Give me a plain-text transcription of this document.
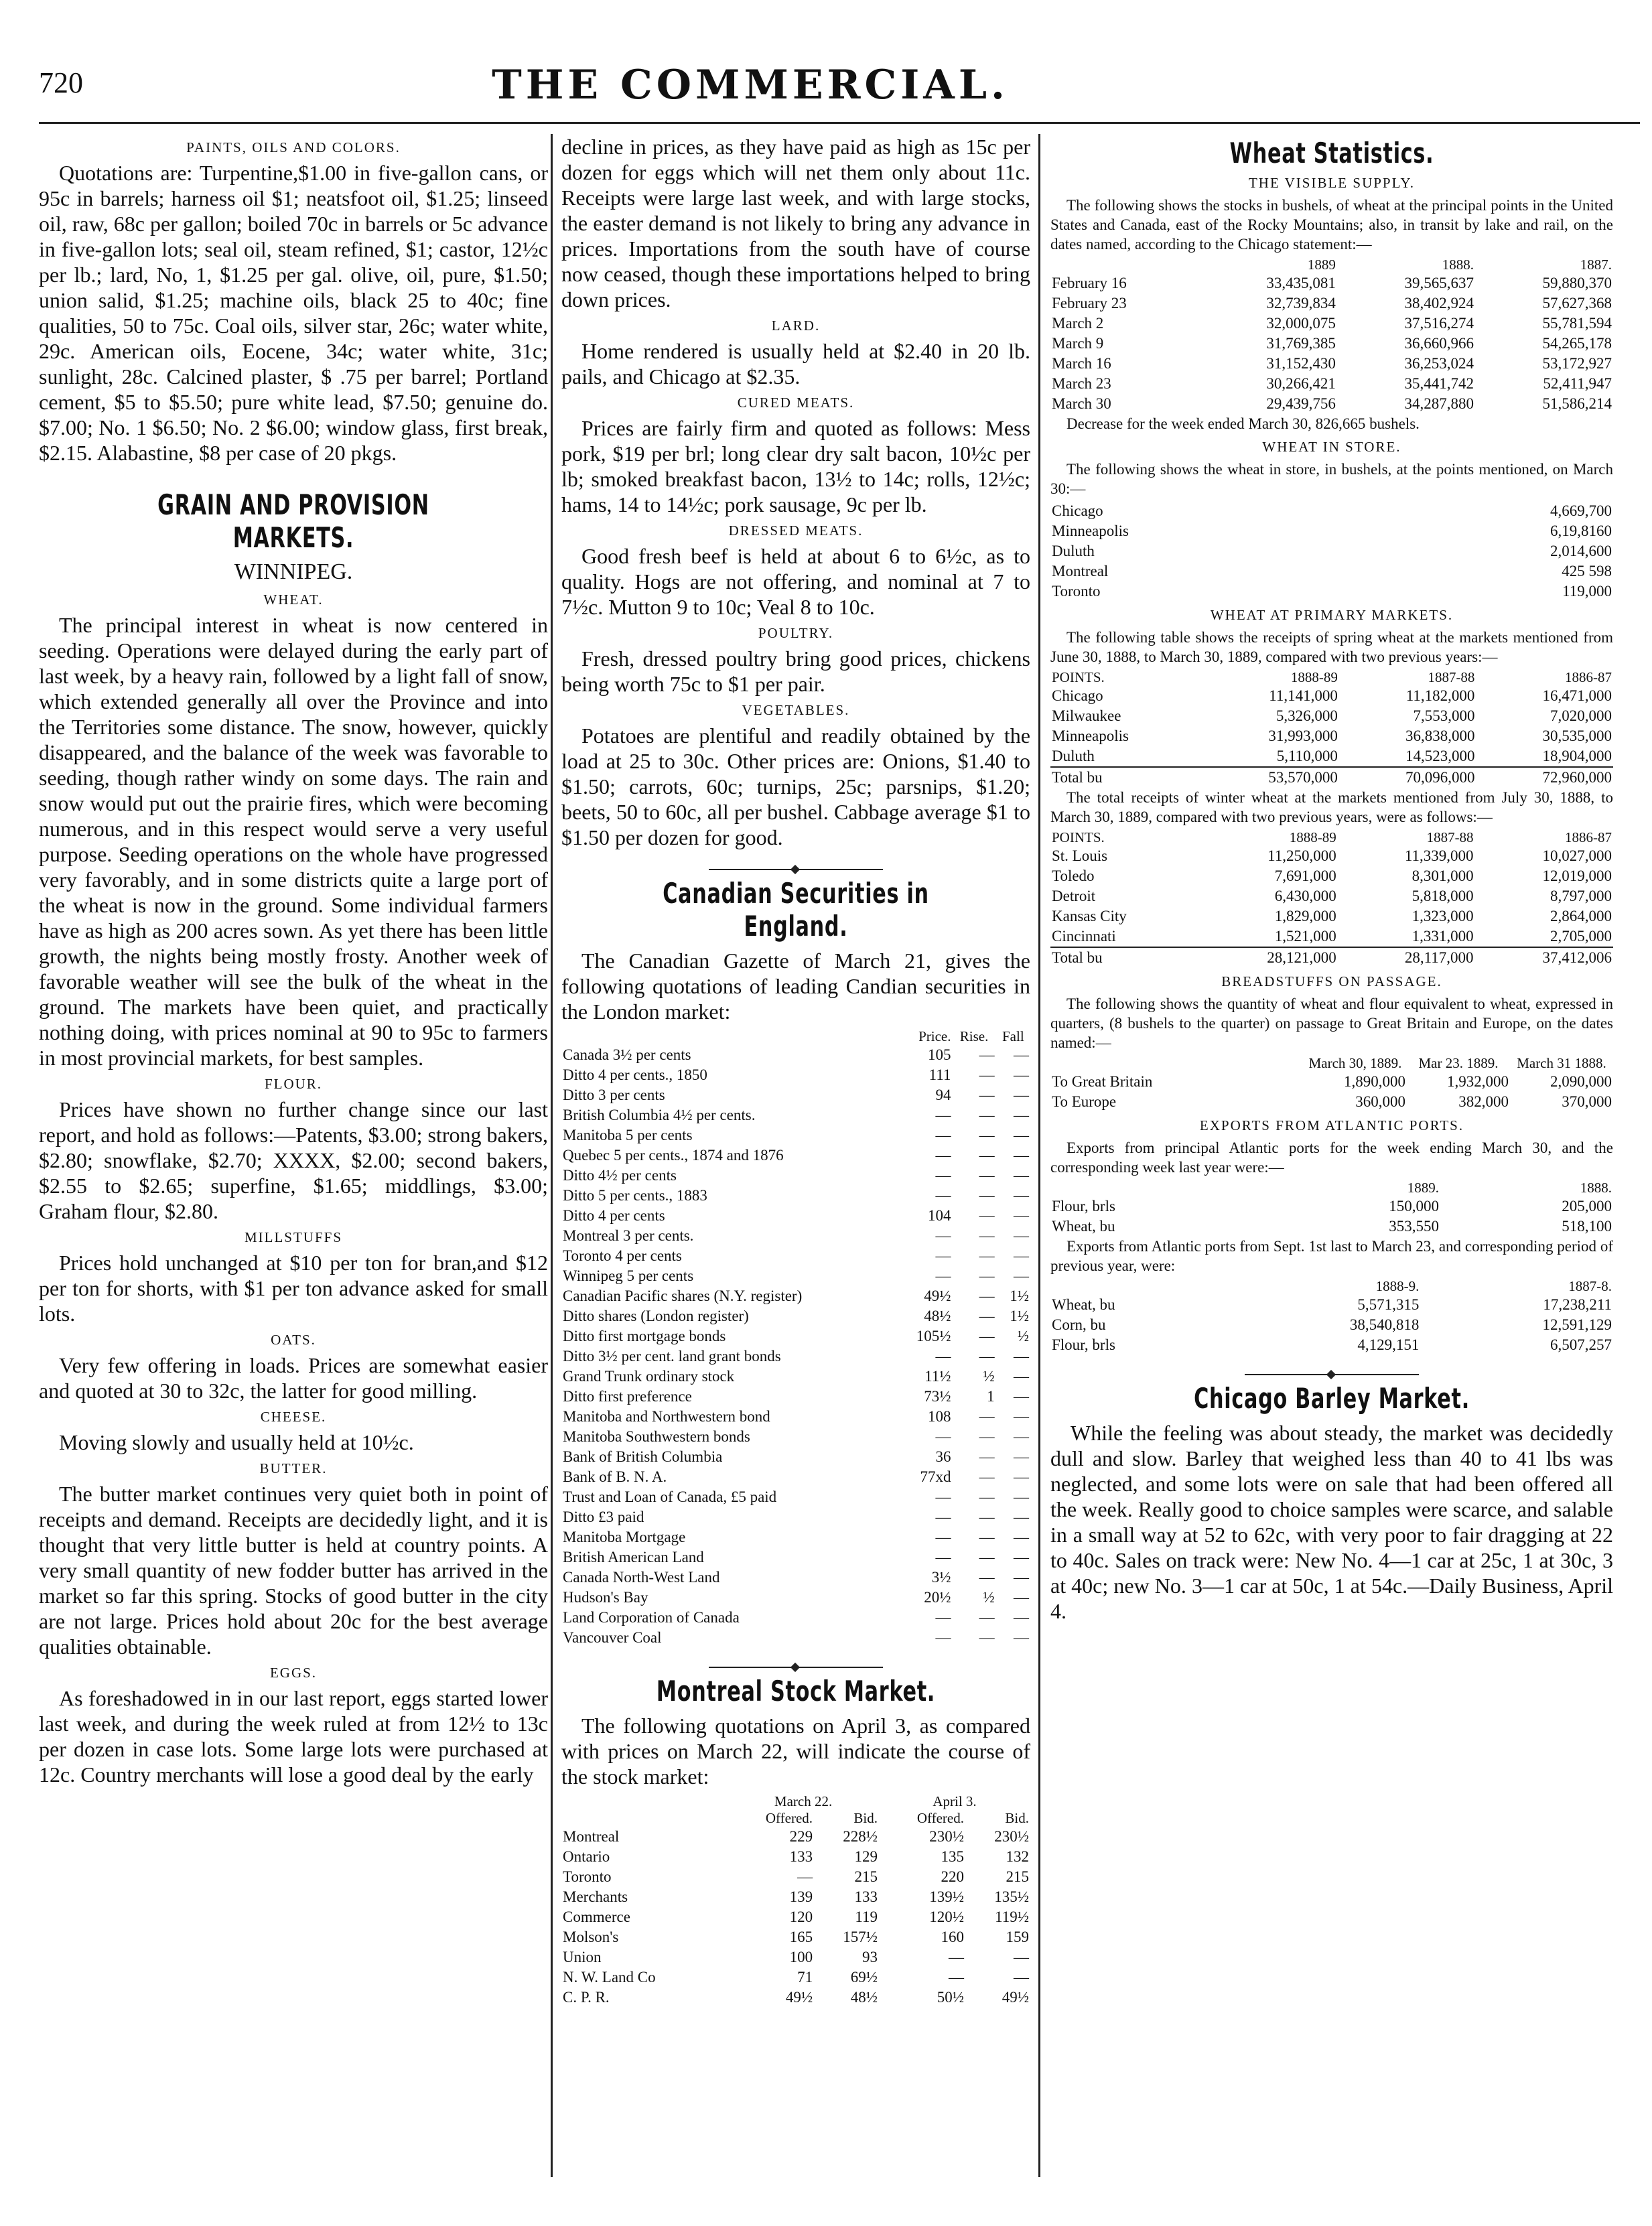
720	THE COMMERCIAL.
PAINTS, OILS AND COLORS.

Quotations are: Turpentine,$1.00 in five-gallon cans, or 95c in barrels; harness oil $1; neatsfoot oil, $1.25; linseed oil, raw, 68c per gallon; boiled 70c in barrels or 5c advance in five-gallon lots; seal oil, steam refined, $1; castor, 12½c per lb.; lard, No, 1, $1.25 per gal. olive, oil, pure, $1.50; union salid, $1.25; machine oils, black 25 to 40c; fine qualities, 50 to 75c. Coal oils, silver star, 26c; water white, 29c. American oils, Eocene, 34c; water white, 31c; sunlight, 28c. Calcined plaster, $ .75 per barrel; Portland cement, $5 to $5.50; pure white lead, $7.50; genuine do. $7.00; No. 1 $6.50; No. 2 $6.00; window glass, first break, $2.15. Alabastine, $8 per case of 20 pkgs.

GRAIN AND PROVISION MARKETS.
WINNIPEG.
WHEAT.

The principal interest in wheat is now centered in seeding. Operations were delayed during the early part of last week, by a heavy rain, followed by a light fall of snow, which extended generally all over the Province and into the Territories some distance. The snow, however, quickly disappeared, and the balance of the week was favorable to seeding, though rather windy on some days. The rain and snow would put out the prairie fires, which were becoming numerous, and in this respect would serve a very useful purpose. Seeding operations on the whole have progressed very favorably, and in some districts quite a large port of the wheat is now in the ground. Some individual farmers have as high as 200 acres sown. As yet there has been little growth, the nights being mostly frosty. Another week of favorable weather will see the bulk of the wheat in the ground. The markets have been quiet, and practically nothing doing, with prices nominal at 90 to 95c to farmers in most provincial markets, for best samples.

FLOUR.

Prices have shown no further change since our last report, and hold as follows:—Patents, $3.00; strong bakers, $2.80; snowflake, $2.70; XXXX, $2.00; second bakers, $2.55 to $2.65; superfine, $1.65; middlings, $3.00; Graham flour, $2.80.

MILLSTUFFS

Prices hold unchanged at $10 per ton for bran,and $12 per ton for shorts, with $1 per ton advance asked for small lots.

OATS.

Very few offering in loads. Prices are somewhat easier and quoted at 30 to 32c, the latter for good milling.

CHEESE.

Moving slowly and usually held at 10½c.

BUTTER.

The butter market continues very quiet both in point of receipts and demand. Receipts are decidedly light, and it is thought that very little butter is held at country points. A very small quantity of new fodder butter has arrived in the market so far this spring. Stocks of good butter in the city are not large. Prices hold about 20c for the best average qualities obtainable.

EGGS.

As foreshadowed in in our last report, eggs started lower last week, and during the week ruled at from 12½ to 13c per dozen in case lots. Some large lots were purchased at 12c. Country merchants will lose a good deal by the early

decline in prices, as they have paid as high as 15c per dozen for eggs which will net them only about 11c. Receipts were large last week, and with large stocks, the easter demand is not likely to bring any advance in prices. Importations from the south have of course now ceased, though these importations helped to bring down prices.

LARD.

Home rendered is usually held at $2.40 in 20 lb. pails, and Chicago at $2.35.

CURED MEATS.

Prices are fairly firm and quoted as follows: Mess pork, $19 per brl; long clear dry salt bacon, 10½c per lb; smoked breakfast bacon, 13½ to 14c; rolls, 12½c; hams, 14 to 14½c; pork sausage, 9c per lb.

DRESSED MEATS.

Good fresh beef is held at about 6 to 6½c, as to quality. Hogs are not offering, and nominal at 7 to 7½c. Mutton 9 to 10c; Veal 8 to 10c.

POULTRY.

Fresh, dressed poultry bring good prices, chickens being worth 75c to $1 per pair.

VEGETABLES.

Potatoes are plentiful and readily obtained by the load at 25 to 30c. Other prices are: Onions, $1.40 to $1.50; carrots, 60c; turnips, 25c; parsnips, $1.20; beets, 50 to 60c, all per bushel. Cabbage average $1 to $1.50 per dozen for good.

Canadian Securities in England.

The Canadian Gazette of March 21, gives the following quotations of leading Candian securities in the London market:

	Price.	Rise.	Fall
Canada 3½ per cents	105	—	—
Ditto 4 per cents., 1850	111	—	—
Ditto 3 per cents	94	—	—
British Columbia 4½ per cents.	—	—	—
Manitoba 5 per cents	—	—	—
Quebec 5 per cents., 1874 and 1876	—	—	—
Ditto 4½ per cents	—	—	—
Ditto 5 per cents., 1883	—	—	—
Ditto 4 per cents	104	—	—
Montreal 3 per cents.	—	—	—
Toronto 4 per cents	—	—	—
Winnipeg 5 per cents	—	—	—
Canadian Pacific shares (N.Y. register)	49½	—	1½
Ditto shares (London register)	48½	—	1½
Ditto first mortgage bonds	105½	—	½
Ditto 3½ per cent. land grant bonds	—	—	—
Grand Trunk ordinary stock	11½	½	—
Ditto first preference	73½	1	—
Manitoba and Northwestern bond	108	—	—
Manitoba Southwestern bonds	—	—	—
Bank of British Columbia	36	—	—
Bank of B. N. A.	77xd	—	—
Trust and Loan of Canada, £5 paid	—	—	—
Ditto £3 paid	—	—	—
Manitoba Mortgage	—	—	—
British American Land	—	—	—
Canada North-West Land	3½	—	—
Hudson's Bay	20½	½	—
Land Corporation of Canada	—	—	—
Vancouver Coal	—	—	—
Montreal Stock Market.

The following quotations on April 3, as compared with prices on March 22, will indicate the course of the stock market:

	March 22.		April 3.	
	Offered.	Bid.	Offered.	Bid.
Montreal	229	228½	230½	230½
Ontario	133	129	135	132
Toronto	—	215	220	215
Merchants	139	133	139½	135½
Commerce	120	119	120½	119½
Molson's	165	157½	160	159
Union	100	93	—	—
N. W. Land Co	71	69½	—	—
C. P. R.	49½	48½	50½	49½
Wheat Statistics.
THE VISIBLE SUPPLY.

The following shows the stocks in bushels, of wheat at the principal points in the United States and Canada, east of the Rocky Mountains; also, in transit by lake and rail, on the dates named, according to the Chicago statement:—

	1889	1888.	1887.
February 16	33,435,081	39,565,637	59,880,370
February 23	32,739,834	38,402,924	57,627,368
March 2	32,000,075	37,516,274	55,781,594
March 9	31,769,385	36,660,966	54,265,178
March 16	31,152,430	36,253,024	53,172,927
March 23	30,266,421	35,441,742	52,411,947
March 30	29,439,756	34,287,880	51,586,214

Decrease for the week ended March 30, 826,665 bushels.

WHEAT IN STORE.

The following shows the wheat in store, in bushels, at the points mentioned, on March 30:—

Chicago	4,669,700
Minneapolis	6,19,8160
Duluth	2,014,600
Montreal	425 598
Toronto	119,000
WHEAT AT PRIMARY MARKETS.

The following table shows the receipts of spring wheat at the markets mentioned from June 30, 1888, to March 30, 1889, compared with two previous years:—

POINTS.	1888-89	1887-88	1886-87
Chicago	11,141,000	11,182,000	16,471,000
Milwaukee	5,326,000	7,553,000	7,020,000
Minneapolis	31,993,000	36,838,000	30,535,000
Duluth	5,110,000	14,523,000	18,904,000
Total bu	53,570,000	70,096,000	72,960,000

The total receipts of winter wheat at the markets mentioned from July 30, 1888, to March 30, 1889, compared with two previous years, were as follows:—

POINTS.	1888-89	1887-88	1886-87
St. Louis	11,250,000	11,339,000	10,027,000
Toledo	7,691,000	8,301,000	12,019,000
Detroit	6,430,000	5,818,000	8,797,000
Kansas City	1,829,000	1,323,000	2,864,000
Cincinnati	1,521,000	1,331,000	2,705,000
Total bu	28,121,000	28,117,000	37,412,006
BREADSTUFFS ON PASSAGE.

The following shows the quantity of wheat and flour equivalent to wheat, expressed in quarters, (8 bushels to the quarter) on passage to Great Britain and Europe, on the dates named:—

	March 30, 1889.	Mar 23. 1889.	March 31 1888.
To Great Britain	1,890,000	1,932,000	2,090,000
To Europe	360,000	382,000	370,000
EXPORTS FROM ATLANTIC PORTS.

Exports from principal Atlantic ports for the week ending March 30, and the corresponding week last year were:—

	1889.	1888.
Flour, brls	150,000	205,000
Wheat, bu	353,550	518,100

Exports from Atlantic ports from Sept. 1st last to March 23, and corresponding period of previous year, were:

	1888-9.	1887-8.
Wheat, bu	5,571,315	17,238,211
Corn, bu	38,540,818	12,591,129
Flour, brls	4,129,151	6,507,257
Chicago Barley Market.

While the feeling was about steady, the market was decidedly dull and slow. Barley that weighed less than 40 to 41 lbs was neglected, and some lots were on sale that had been offered all the week. Really good to choice samples were scarce, and salable in a small way at 52 to 62c, with very poor to fair dragging at 22 to 40c. Sales on track were: New No. 4—1 car at 25c, 1 at 30c, 3 at 40c; new No. 3—1 car at 50c, 1 at 54c.—Daily Business, April 4.
